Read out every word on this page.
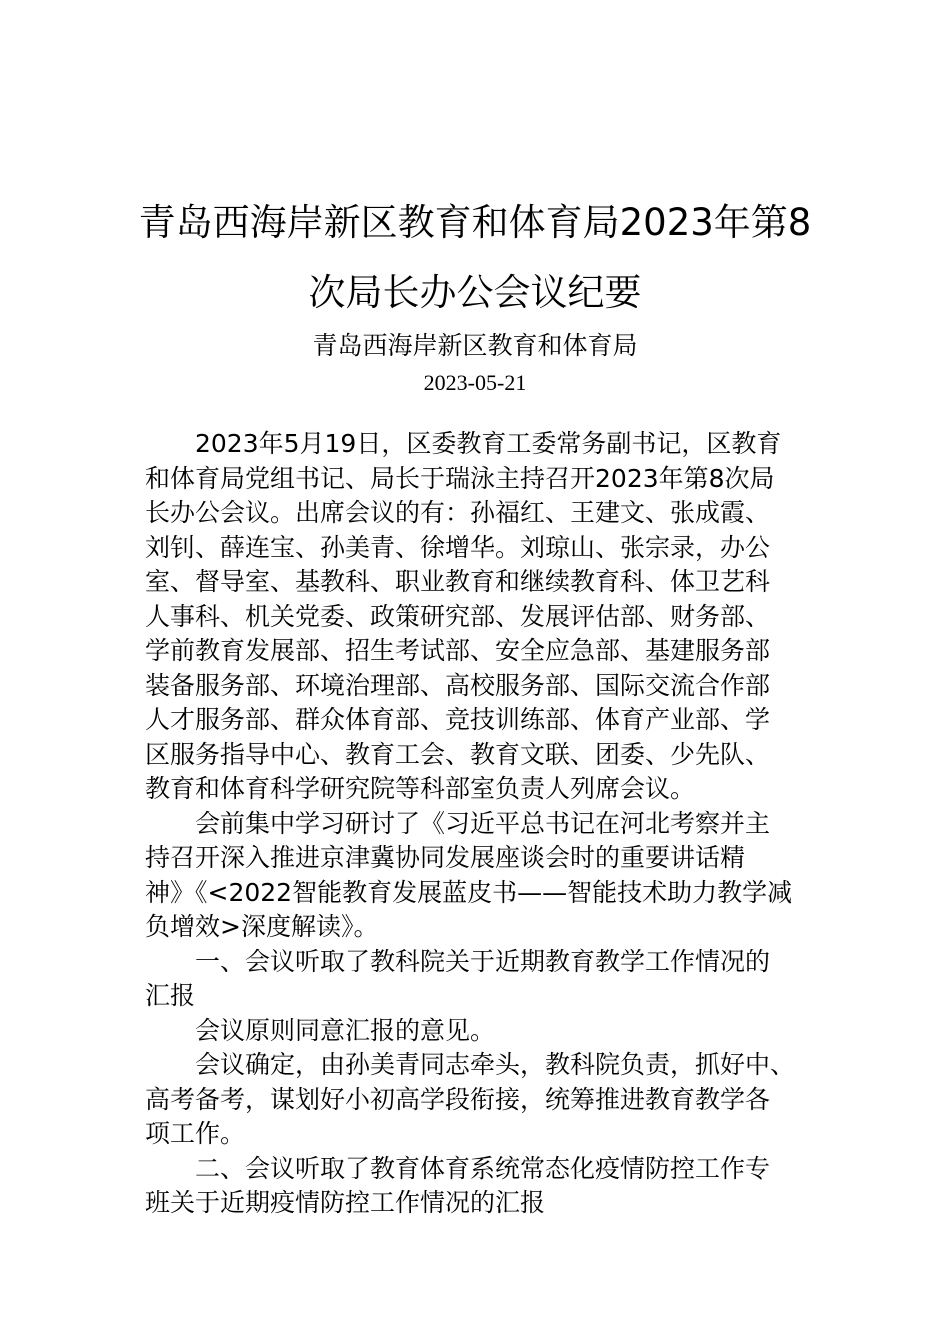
青岛西海岸新区教育和体育局2023年第8
次局长办公会议纪要
青岛西海岸新区教育和体育局
2023-05-21
2023年5月19日，区委教育工委常务副书记，区教育
和体育局党组书记、局长于瑞泳主持召开2023年第8次局
长办公会议。出席会议的有：孙福红、王建文、张成霞、
刘钊、薛连宝、孙美青、徐增华。刘琼山、张宗录，办公
室、督导室、基教科、职业教育和继续教育科、体卫艺科
人事科、机关党委、政策研究部、发展评估部、财务部、
学前教育发展部、招生考试部、安全应急部、基建服务部
装备服务部、环境治理部、高校服务部、国际交流合作部
人才服务部、群众体育部、竞技训练部、体育产业部、学
区服务指导中心、教育工会、教育文联、团委、少先队、
教育和体育科学研究院等科部室负责人列席会议。
会前集中学习研讨了《习近平总书记在河北考察并主
持召开深入推进京津冀协同发展座谈会时的重要讲话精
神》《<2022智能教育发展蓝皮书——智能技术助力教学减
负增效>深度解读》。
一、会议听取了教科院关于近期教育教学工作情况的
汇报
会议原则同意汇报的意见。
会议确定，由孙美青同志牵头，教科院负责，抓好中、
高考备考，谋划好小初高学段衔接，统筹推进教育教学各
项工作。
二、会议听取了教育体育系统常态化疫情防控工作专
班关于近期疫情防控工作情况的汇报
